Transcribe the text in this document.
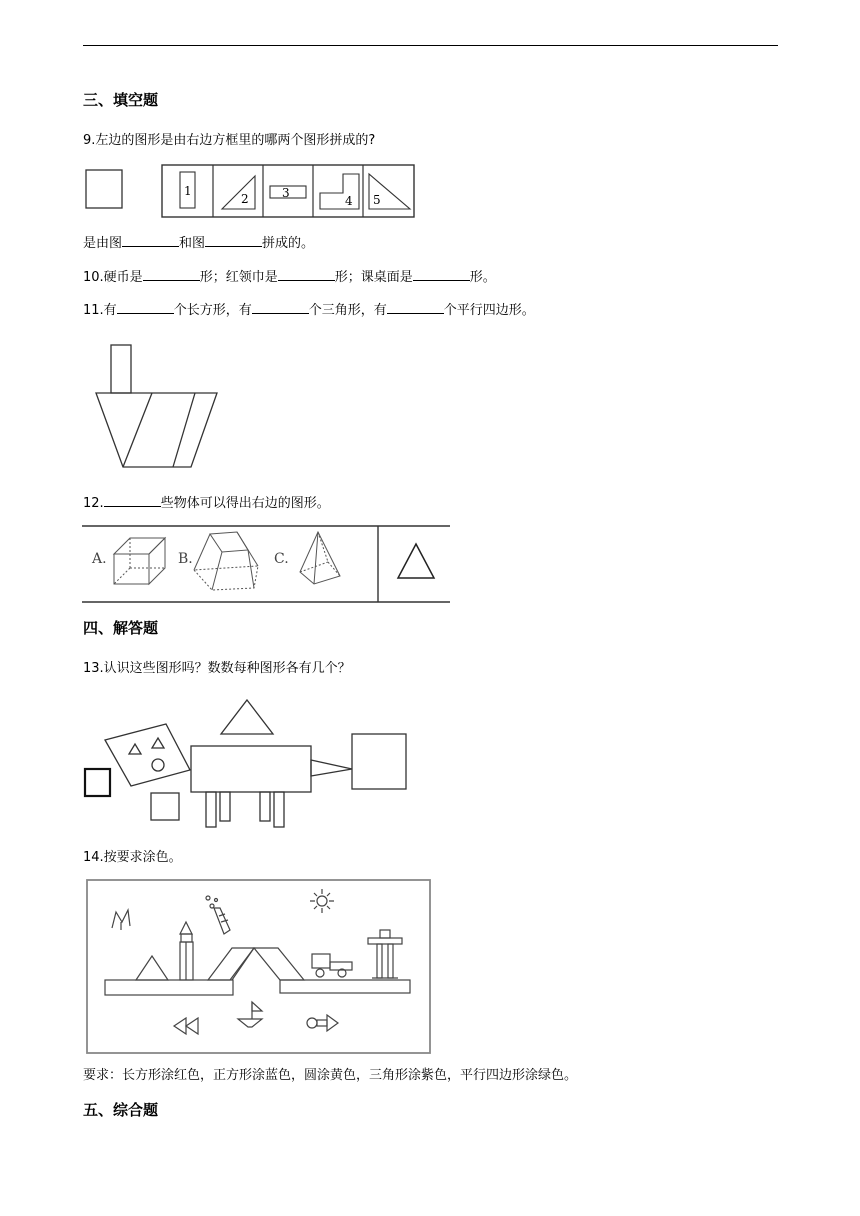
三、填空题
9.左边的图形是由右边方框里的哪两个图形拼成的?
1
2	3
4 5
是由图	和图	拼成的。
10.硬币是	形；红领巾是	形；课桌面是	形。
11.有	个长方形，有	个三角形，有	个平行四边形。
12.	些物体可以得出右边的图形。
A.	B.	C.
四、解答题
13.认识这些图形吗？数数每种图形各有几个？
14.按要求涂色。
要求：长方形涂红色，正方形涂蓝色，圆涂黄色，三角形涂紫色，平行四边形涂绿色。
五、综合题
